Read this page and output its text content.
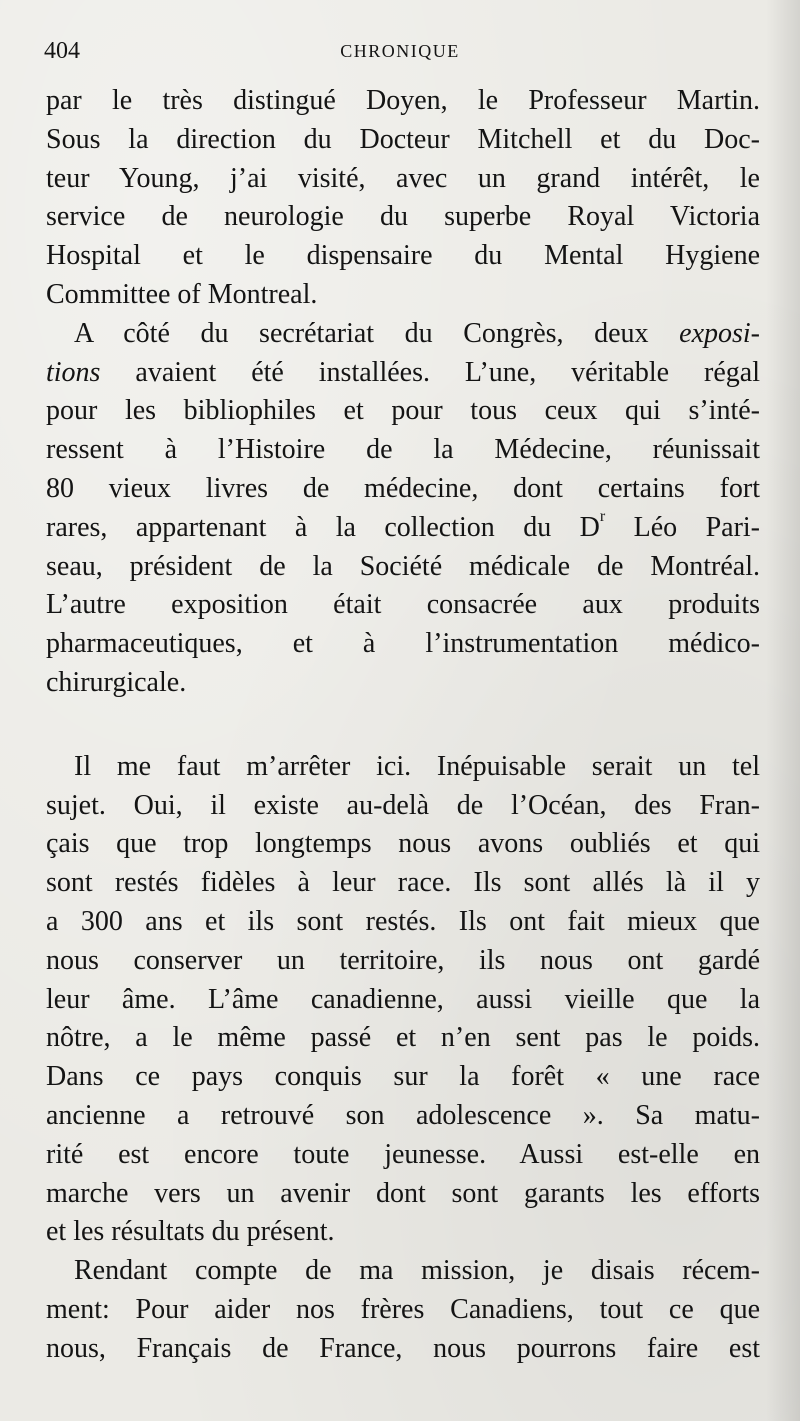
404	CHRONIQUE
par le très distingué Doyen, le Professeur Martin.
Sous la direction du Docteur Mitchell et du Doc-
teur Young, j’ai visité, avec un grand intérêt, le
service de neurologie du superbe Royal Victoria
Hospital et le dispensaire du Mental Hygiene
Committee of Montreal.
A côté du secrétariat du Congrès, deux exposi-
tions avaient été installées. L’une, véritable régal
pour les bibliophiles et pour tous ceux qui s’inté-
ressent à l’Histoire de la Médecine, réunissait
80 vieux livres de médecine, dont certains fort
rares, appartenant à la collection du $D^r$ Léo Pari-
seau, président de la Société médicale de Montréal.
L’autre exposition était consacrée aux produits
pharmaceutiques, et à l’instrumentation médico-
chirurgicale.
Il me faut m’arrêter ici. Inépuisable serait un tel
sujet. Oui, il existe au-delà de l’Océan, des Fran-
çais que trop longtemps nous avons oubliés et qui
sont restés fidèles à leur race. Ils sont allés là il y
a 300 ans et ils sont restés. Ils ont fait mieux que
nous conserver un territoire, ils nous ont gardé
leur âme. L’âme canadienne, aussi vieille que la
nôtre, a le même passé et n’en sent pas le poids.
Dans ce pays conquis sur la forêt « une race
ancienne a retrouvé son adolescence ». Sa matu-
rité est encore toute jeunesse. Aussi est-elle en
marche vers un avenir dont sont garants les efforts
et les résultats du présent.
Rendant compte de ma mission, je disais récem-
ment: Pour aider nos frères Canadiens, tout ce que
nous, Français de France, nous pourrons faire est
